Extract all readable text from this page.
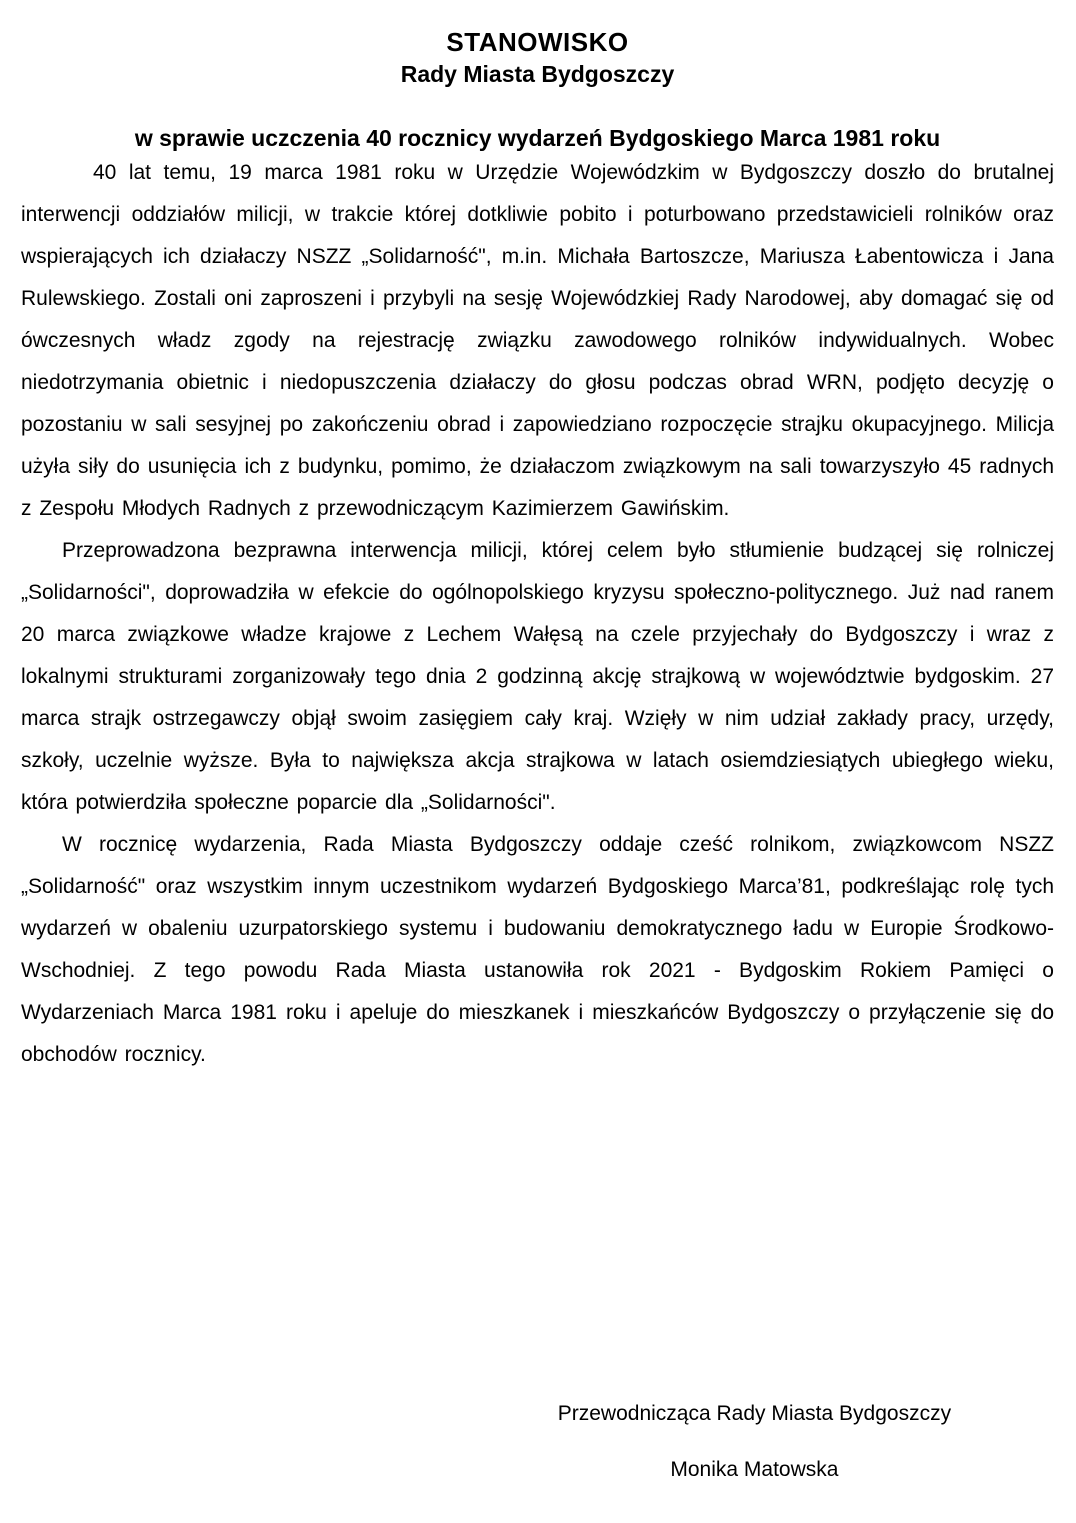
STANOWISKO
Rady Miasta Bydgoszczy
w sprawie uczczenia 40 rocznicy wydarzeń Bydgoskiego Marca 1981 roku

40 lat temu, 19 marca 1981 roku w Urzędzie Wojewódzkim w Bydgoszczy doszło do brutalnej interwencji oddziałów milicji, w trakcie której dotkliwie pobito i poturbowano przedstawicieli rolników oraz wspierających ich działaczy NSZZ „Solidarność", m.in. Michała Bartoszcze, Mariusza Łabentowicza i Jana Rulewskiego. Zostali oni zaproszeni i przybyli na sesję Wojewódzkiej Rady Narodowej, aby domagać się od ówczesnych władz zgody na rejestrację związku zawodowego rolników indywidualnych. Wobec niedotrzymania obietnic i niedopuszczenia działaczy do głosu podczas obrad WRN, podjęto decyzję o pozostaniu w sali sesyjnej po zakończeniu obrad i zapowiedziano rozpoczęcie strajku okupacyjnego. Milicja użyła siły do usunięcia ich z budynku, pomimo, że działaczom związkowym na sali towarzyszyło 45 radnych z Zespołu Młodych Radnych z przewodniczącym Kazimierzem Gawińskim.

Przeprowadzona bezprawna interwencja milicji, której celem było stłumienie budzącej się rolniczej „Solidarności", doprowadziła w efekcie do ogólnopolskiego kryzysu społeczno-politycznego. Już nad ranem 20 marca związkowe władze krajowe z Lechem Wałęsą na czele przyjechały do Bydgoszczy i wraz z lokalnymi strukturami zorganizowały tego dnia 2 godzinną akcję strajkową w województwie bydgoskim. 27 marca strajk ostrzegawczy objął swoim zasięgiem cały kraj. Wzięły w nim udział zakłady pracy, urzędy, szkoły, uczelnie wyższe. Była to największa akcja strajkowa w latach osiemdziesiątych ubiegłego wieku, która potwierdziła społeczne poparcie dla „Solidarności".

W rocznicę wydarzenia, Rada Miasta Bydgoszczy oddaje cześć rolnikom, związkowcom NSZZ „Solidarność" oraz wszystkim innym uczestnikom wydarzeń Bydgoskiego Marca’81, podkreślając rolę tych wydarzeń w obaleniu uzurpatorskiego systemu i budowaniu demokratycznego ładu w Europie Środkowo-Wschodniej. Z tego powodu Rada Miasta ustanowiła rok 2021 - Bydgoskim Rokiem Pamięci o Wydarzeniach Marca 1981 roku i apeluje do mieszkanek i mieszkańców Bydgoszczy o przyłączenie się do obchodów rocznicy.

Przewodnicząca Rady Miasta Bydgoszczy
Monika Matowska
